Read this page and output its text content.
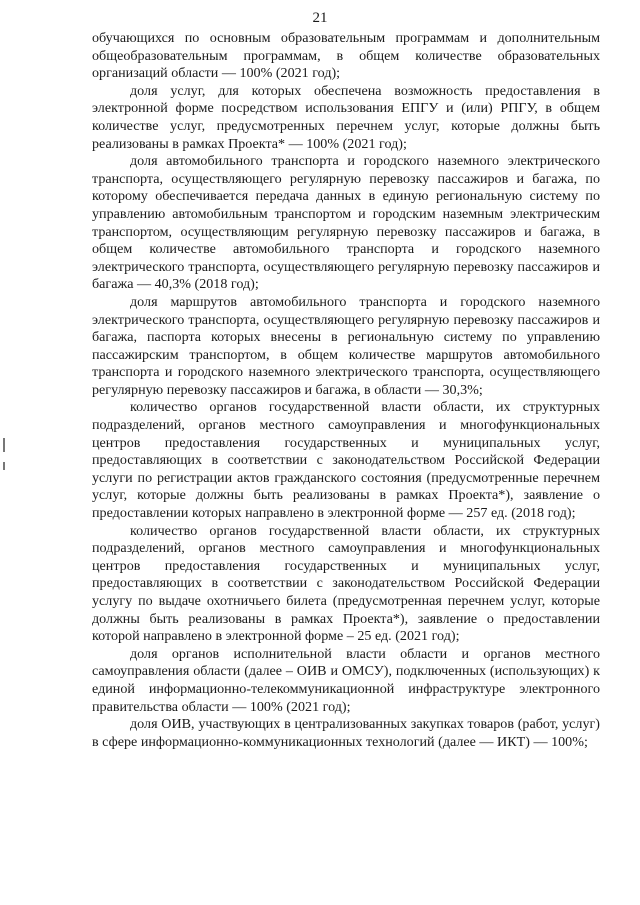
21

обучающихся по основным образовательным программам и дополнительным общеобразовательным программам, в общем количестве образовательных организаций области — 100% (2021 год);

доля услуг, для которых обеспечена возможность предоставления в электронной форме посредством использования ЕПГУ и (или) РПГУ, в общем количестве услуг, предусмотренных перечнем услуг, которые должны быть реализованы в рамках Проекта* — 100% (2021 год);

доля автомобильного транспорта и городского наземного электрического транспорта, осуществляющего регулярную перевозку пассажиров и багажа, по которому обеспечивается передача данных в единую региональную систему по управлению автомобильным транспортом и городским наземным электрическим транспортом, осуществляющим регулярную перевозку пассажиров и багажа, в общем количестве автомобильного транспорта и городского наземного электрического транспорта, осуществляющего регулярную перевозку пассажиров и багажа — 40,3% (2018 год);

доля маршрутов автомобильного транспорта и городского наземного электрического транспорта, осуществляющего регулярную перевозку пассажиров и багажа, паспорта которых внесены в региональную систему по управлению пассажирским транспортом, в общем количестве маршрутов автомобильного транспорта и городского наземного электрического транспорта, осуществляющего регулярную перевозку пассажиров и багажа, в области — 30,3%;

количество органов государственной власти области, их структурных подразделений, органов местного самоуправления и многофункциональных центров предоставления государственных и муниципальных услуг, предоставляющих в соответствии с законодательством Российской Федерации услуги по регистрации актов гражданского состояния (предусмотренные перечнем услуг, которые должны быть реализованы в рамках Проекта*), заявление о предоставлении которых направлено в электронной форме — 257 ед. (2018 год);

количество органов государственной власти области, их структурных подразделений, органов местного самоуправления и многофункциональных центров предоставления государственных и муниципальных услуг, предоставляющих в соответствии с законодательством Российской Федерации услугу по выдаче охотничьего билета (предусмотренная перечнем услуг, которые должны быть реализованы в рамках Проекта*), заявление о предоставлении которой направлено в электронной форме – 25 ед. (2021 год);

доля органов исполнительной власти области и органов местного самоуправления области (далее – ОИВ и ОМСУ), подключенных (использующих) к единой информационно-телекоммуникационной инфраструктуре электронного правительства области — 100% (2021 год);

доля ОИВ, участвующих в централизованных закупках товаров (работ, услуг) в сфере информационно-коммуникационных технологий (далее — ИКТ) — 100%;
